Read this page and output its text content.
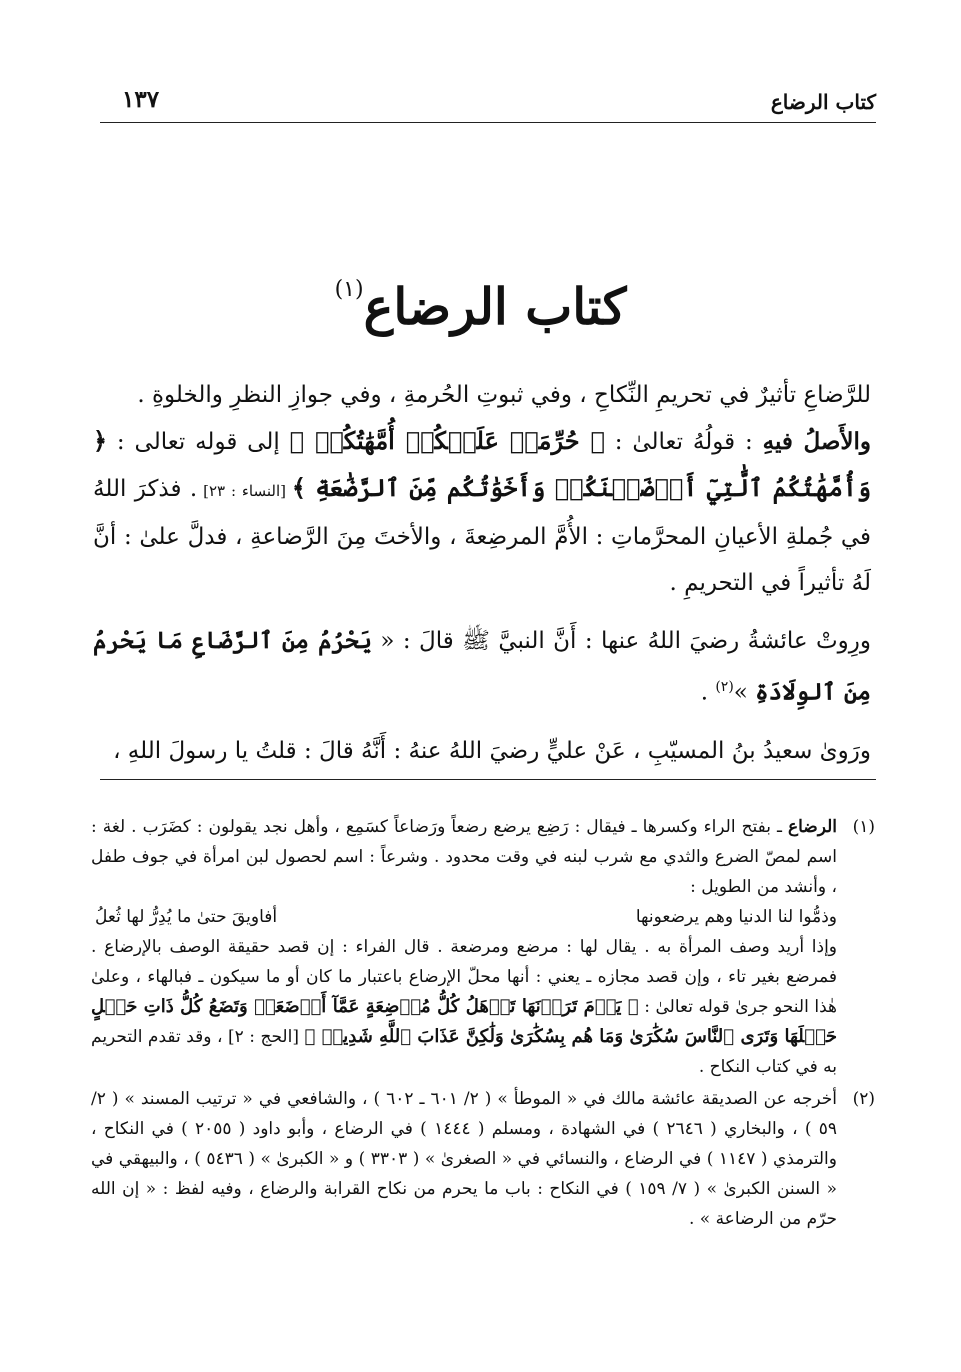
كتاب الرضاع
١٣٧
كتاب الرضاع$^{(١)}$

للرَّضاعِ تأثيرٌ في تحريمِ النِّكاحِ ، وفي ثبوتِ الحُرمةِ ، وفي جوازِ النظرِ والخلوةِ .

والأَصلُ فيهِ : قولُهُ تعالىٰ : ﴿ حُرِّمَتۡ عَلَيۡكُمۡ أُمَّهَٰتُكُمۡ ﴾ إلى قوله تعالى : ﴿ وَأُمَّهَٰتُكُمُ ٱلَّٰتِيٓ أَرۡضَعۡنَكُمۡ وَأَخَوَٰتُكُم مِّنَ ٱلرَّضَٰعَةِ ﴾ [النساء : ٢٣] . فذكرَ اللهُ في جُملةِ الأعيانِ المحرَّماتِ : الأُمَّ المرضِعةَ ، والأختَ مِنَ الرَّضاعةِ ، فدلَّ علىٰ : أنَّ لَهُ تأثيراً في التحريمِ .

ورِوتْ عائشةُ رضيَ اللهُ عنها : أَنَّ النبيَّ ﷺ قالَ : « يَحْرُمُ مِنَ ٱلرَّضَاعِ مَا يَحْرمُ مِنَ ٱلوِلَادَةِ »$^{(٢)}$ .

ورَوىٰ سعيدُ بنُ المسيّبِ ، عَنْ عليٍّ رضيَ اللهُ عنهُ : أَنَّهُ قالَ : قلتُ يا رسولَ اللهِ ،

(١)
الرضاع ـ بفتح الراء وكسرها ـ فيقال : رَضِع يرضع رضعاً ورَضاعاً كسَمِع ، وأهل نجد يقولون : كضَرَب . لغة : اسم لمصّ الضرع والثدي مع شرب لبنه في وقت محدود . وشرعاً : اسم لحصول لبن امرأة في جوف طفل ، وأنشد من الطويل :
وذمُّوا لنا الدنيا وهم يرضعونها
أفاويقَ حتىٰ ما يُدِرُّ لها ثُعلُ
وإذا أريد وصف المرأة به . يقال لها : مرضع ومرضعة . قال الفراء : إن قصد حقيقة الوصف بالإرضاع . فمرضع بغير تاء ، وإن قصد مجازه ـ يعني : أنها محلّ الإرضاع باعتبار ما كان أو ما سيكون ـ فبالهاء ، وعلىٰ هٰذا النحو جرىٰ قوله تعالىٰ : ﴿ يَوۡمَ تَرَوۡنَهَا تَذۡهَلُ كُلُّ مُرۡضِعَةٍ عَمَّآ أَرۡضَعَتۡ وَتَضَعُ كُلُّ ذَاتِ حَمۡلٍ حَمۡلَهَا وَتَرَى ٱلنَّاسَ سُكَٰرَىٰ وَمَا هُم بِسُكَٰرَىٰ وَلَٰكِنَّ عَذَابَ ٱللَّهِ شَدِيدٞ ﴾ [الحج : ٢] ، وقد تقدم التحريم به في كتاب النكاح .
(٢)
أخرجه عن الصديقة عائشة مالك في « الموطأ » ( ٢/ ٦٠١ ـ ٦٠٢ ) ، والشافعي في « ترتيب المسند » ( ٢/ ٥٩ ) ، والبخاري ( ٢٦٤٦ ) في الشهادة ، ومسلم ( ١٤٤٤ ) في الرضاع ، وأبو داود ( ٢٠٥٥ ) في النكاح ، والترمذي ( ١١٤٧ ) في الرضاع ، والنسائي في « الصغرىٰ » ( ٣٣٠٣ ) و « الكبرىٰ » ( ٥٤٣٦ ) ، والبيهقي في « السنن الكبرىٰ » ( ٧/ ١٥٩ ) في النكاح : باب ما يحرم من نكاح القرابة والرضاع ، وفيه لفظ : « إن الله حرّم من الرضاعة » .
